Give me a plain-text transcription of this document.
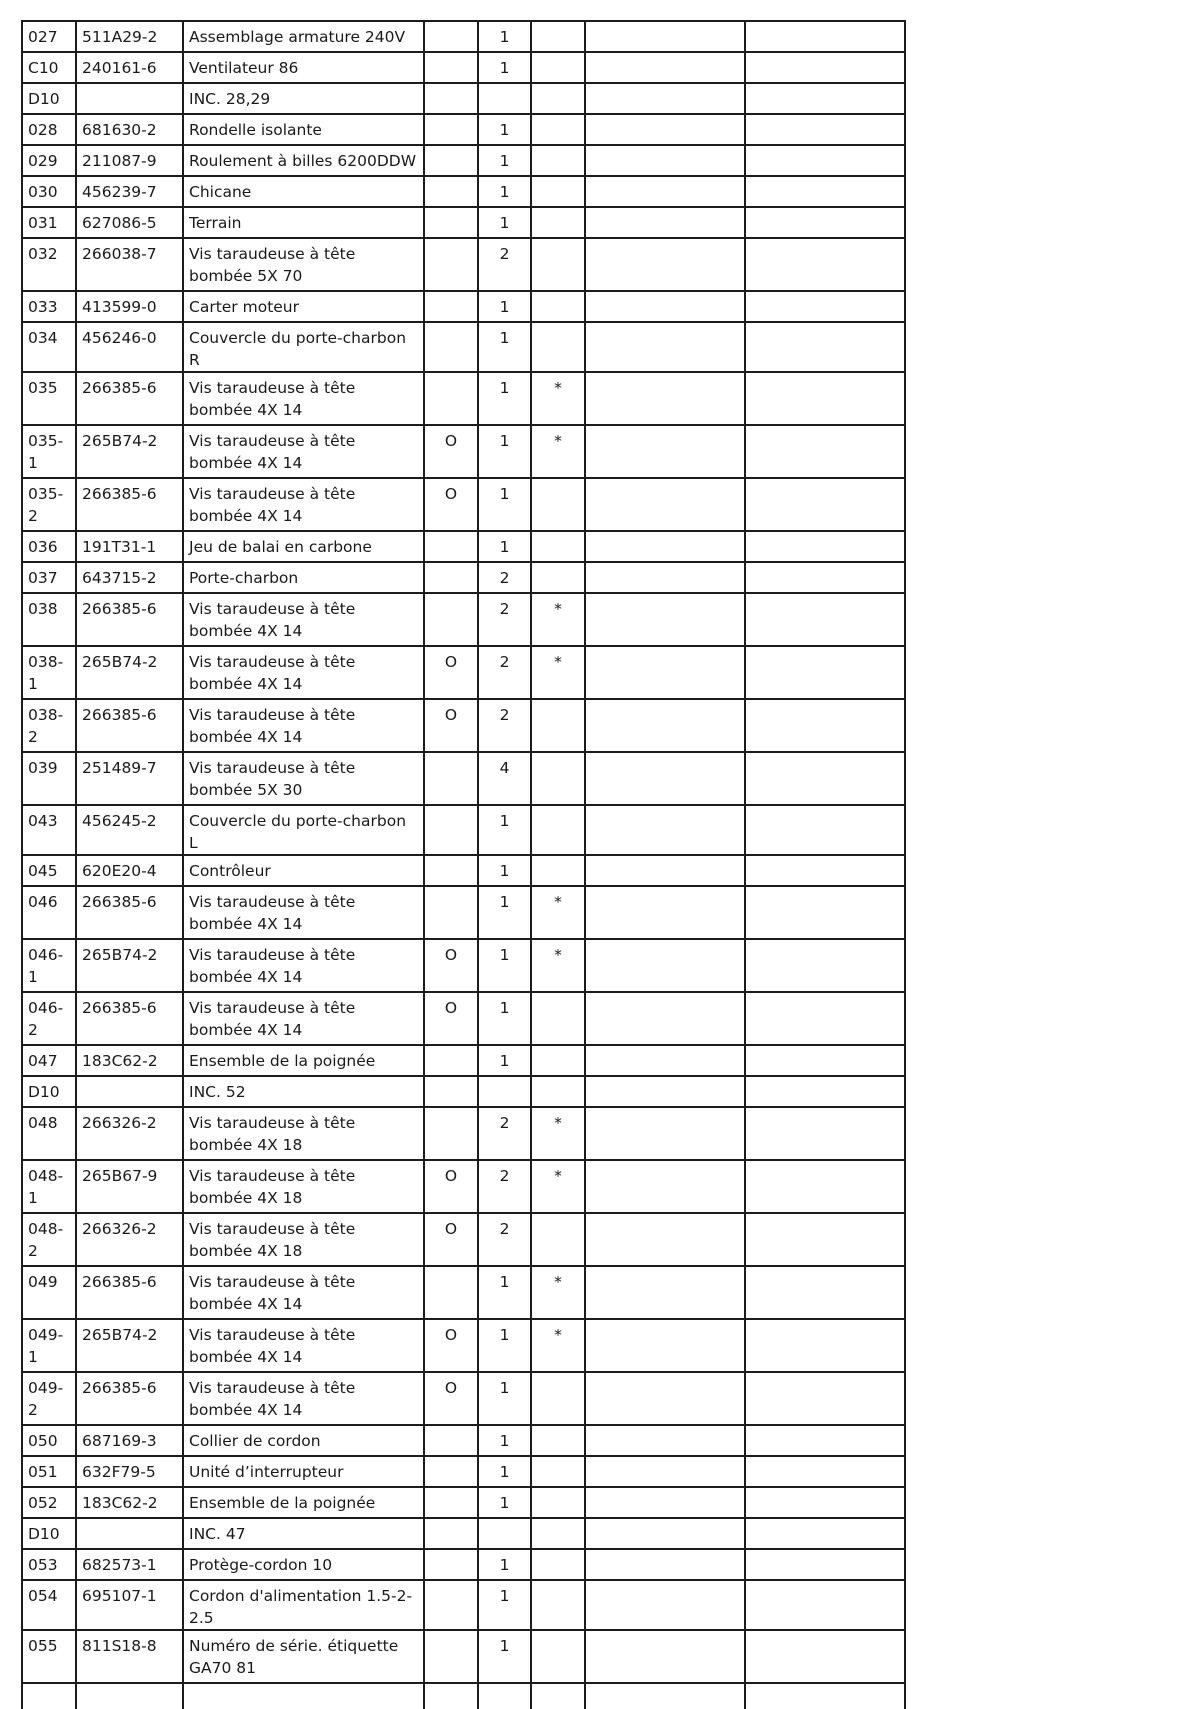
027	511A29-2	Assemblage armature 240V		1			
C10	240161-6	Ventilateur 86		1			
D10		INC. 28,29					
028	681630-2	Rondelle isolante		1			
029	211087-9	Roulement à billes 6200DDW		1			
030	456239-7	Chicane		1			
031	627086-5	Terrain		1			
032	266038-7	Vis taraudeuse à tête bombée 5X 70		2			
033	413599-0	Carter moteur		1			
034	456246-0	Couvercle du porte-charbon R		1			
035	266385-6	Vis taraudeuse à tête bombée 4X 14		1	*		
035-1	265B74-2	Vis taraudeuse à tête bombée 4X 14	O	1	*		
035-2	266385-6	Vis taraudeuse à tête bombée 4X 14	O	1			
036	191T31-1	Jeu de balai en carbone		1			
037	643715-2	Porte-charbon		2			
038	266385-6	Vis taraudeuse à tête bombée 4X 14		2	*		
038-1	265B74-2	Vis taraudeuse à tête bombée 4X 14	O	2	*		
038-2	266385-6	Vis taraudeuse à tête bombée 4X 14	O	2			
039	251489-7	Vis taraudeuse à tête bombée 5X 30		4			
043	456245-2	Couvercle du porte-charbon L		1			
045	620E20-4	Contrôleur		1			
046	266385-6	Vis taraudeuse à tête bombée 4X 14		1	*		
046-1	265B74-2	Vis taraudeuse à tête bombée 4X 14	O	1	*		
046-2	266385-6	Vis taraudeuse à tête bombée 4X 14	O	1			
047	183C62-2	Ensemble de la poignée		1			
D10		INC. 52					
048	266326-2	Vis taraudeuse à tête bombée 4X 18		2	*		
048-1	265B67-9	Vis taraudeuse à tête bombée 4X 18	O	2	*		
048-2	266326-2	Vis taraudeuse à tête bombée 4X 18	O	2			
049	266385-6	Vis taraudeuse à tête bombée 4X 14		1	*		
049-1	265B74-2	Vis taraudeuse à tête bombée 4X 14	O	1	*		
049-2	266385-6	Vis taraudeuse à tête bombée 4X 14	O	1			
050	687169-3	Collier de cordon		1			
051	632F79-5	Unité d’interrupteur		1			
052	183C62-2	Ensemble de la poignée		1			
D10		INC. 47					
053	682573-1	Protège-cordon 10		1			
054	695107-1	Cordon d'alimentation 1.5-2-2.5		1			
055	811S18-8	Numéro de série. étiquette GA70 81		1			
